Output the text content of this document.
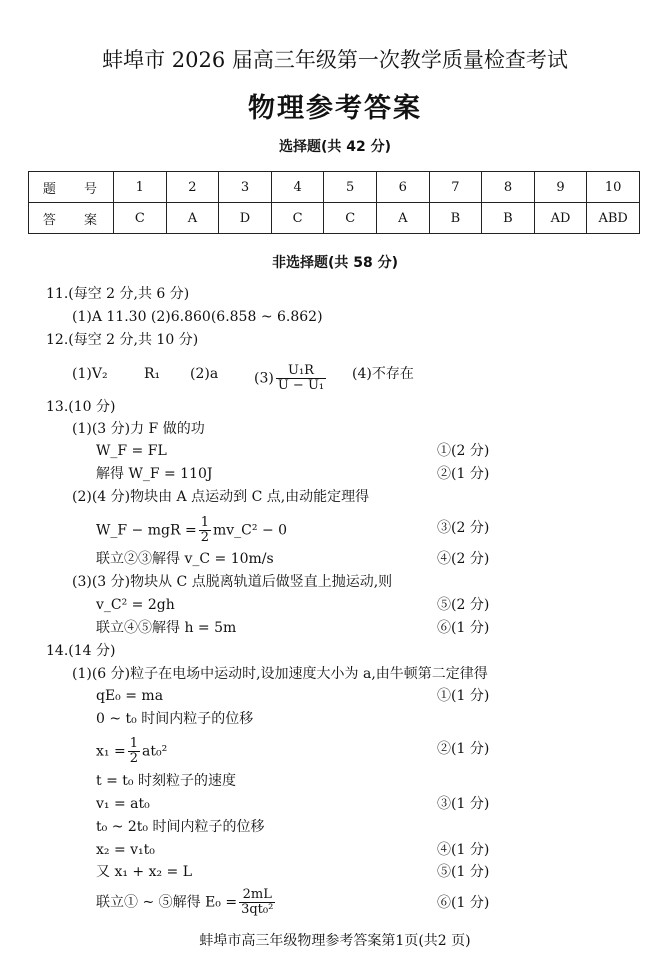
蚌埠市 2026 届高三年级第一次教学质量检查考试
物理参考答案
选择题(共 42 分)
题 号	1	2	3	4	5	6	7	8	9	10
答 案	C	A	D	C	C	A	B	B	AD	ABD
非选择题(共 58 分)
11.(每空 2 分,共 6 分)
(1)A 11.30 (2)6.860(6.858 ~ 6.862)
12.(每空 2 分,共 10 分)
(1)V₂	R₁ (2)a	$(3) \frac{\text{U₁R}}{\text{U − U₁}} (4)$不存在
13.(10 分)
(1)(3 分)力 F 做的功
W_F = FL	①(2 分)
解得 W_F = 110J	②(1 分)
(2)(4 分)物块由 A 点运动到 C 点,由动能定理得
W_F − mgR = $\frac{1}{2}$ mv_C² − 0	③(2 分)
联立②③解得 v_C = 10m/s	④(2 分)
(3)(3 分)物块从 C 点脱离轨道后做竖直上抛运动,则
v_C² = 2gh	⑤(2 分)
联立④⑤解得 h = 5m	⑥(1 分)
14.(14 分)
(1)(6 分)粒子在电场中运动时,设加速度大小为 a,由牛顿第二定律得
qE₀ = ma	①(1 分)
0 ~ t₀ 时间内粒子的位移
$x_1 = \frac{1}{2} at_0^2$	②(1 分)
t = t₀ 时刻粒子的速度
v₁ = at₀	③(1 分)
t₀ ~ 2t₀ 时间内粒子的位移
x₂ = v₁t₀	④(1 分)
又 x₁ + x₂ = L	⑤(1 分)
联立① ~ ⑤解得 $E_0 = \frac{2mL}{\text{3qt₀²}}$	⑥(1 分)
蚌埠市高三年级物理参考答案第1页(共2 页)
